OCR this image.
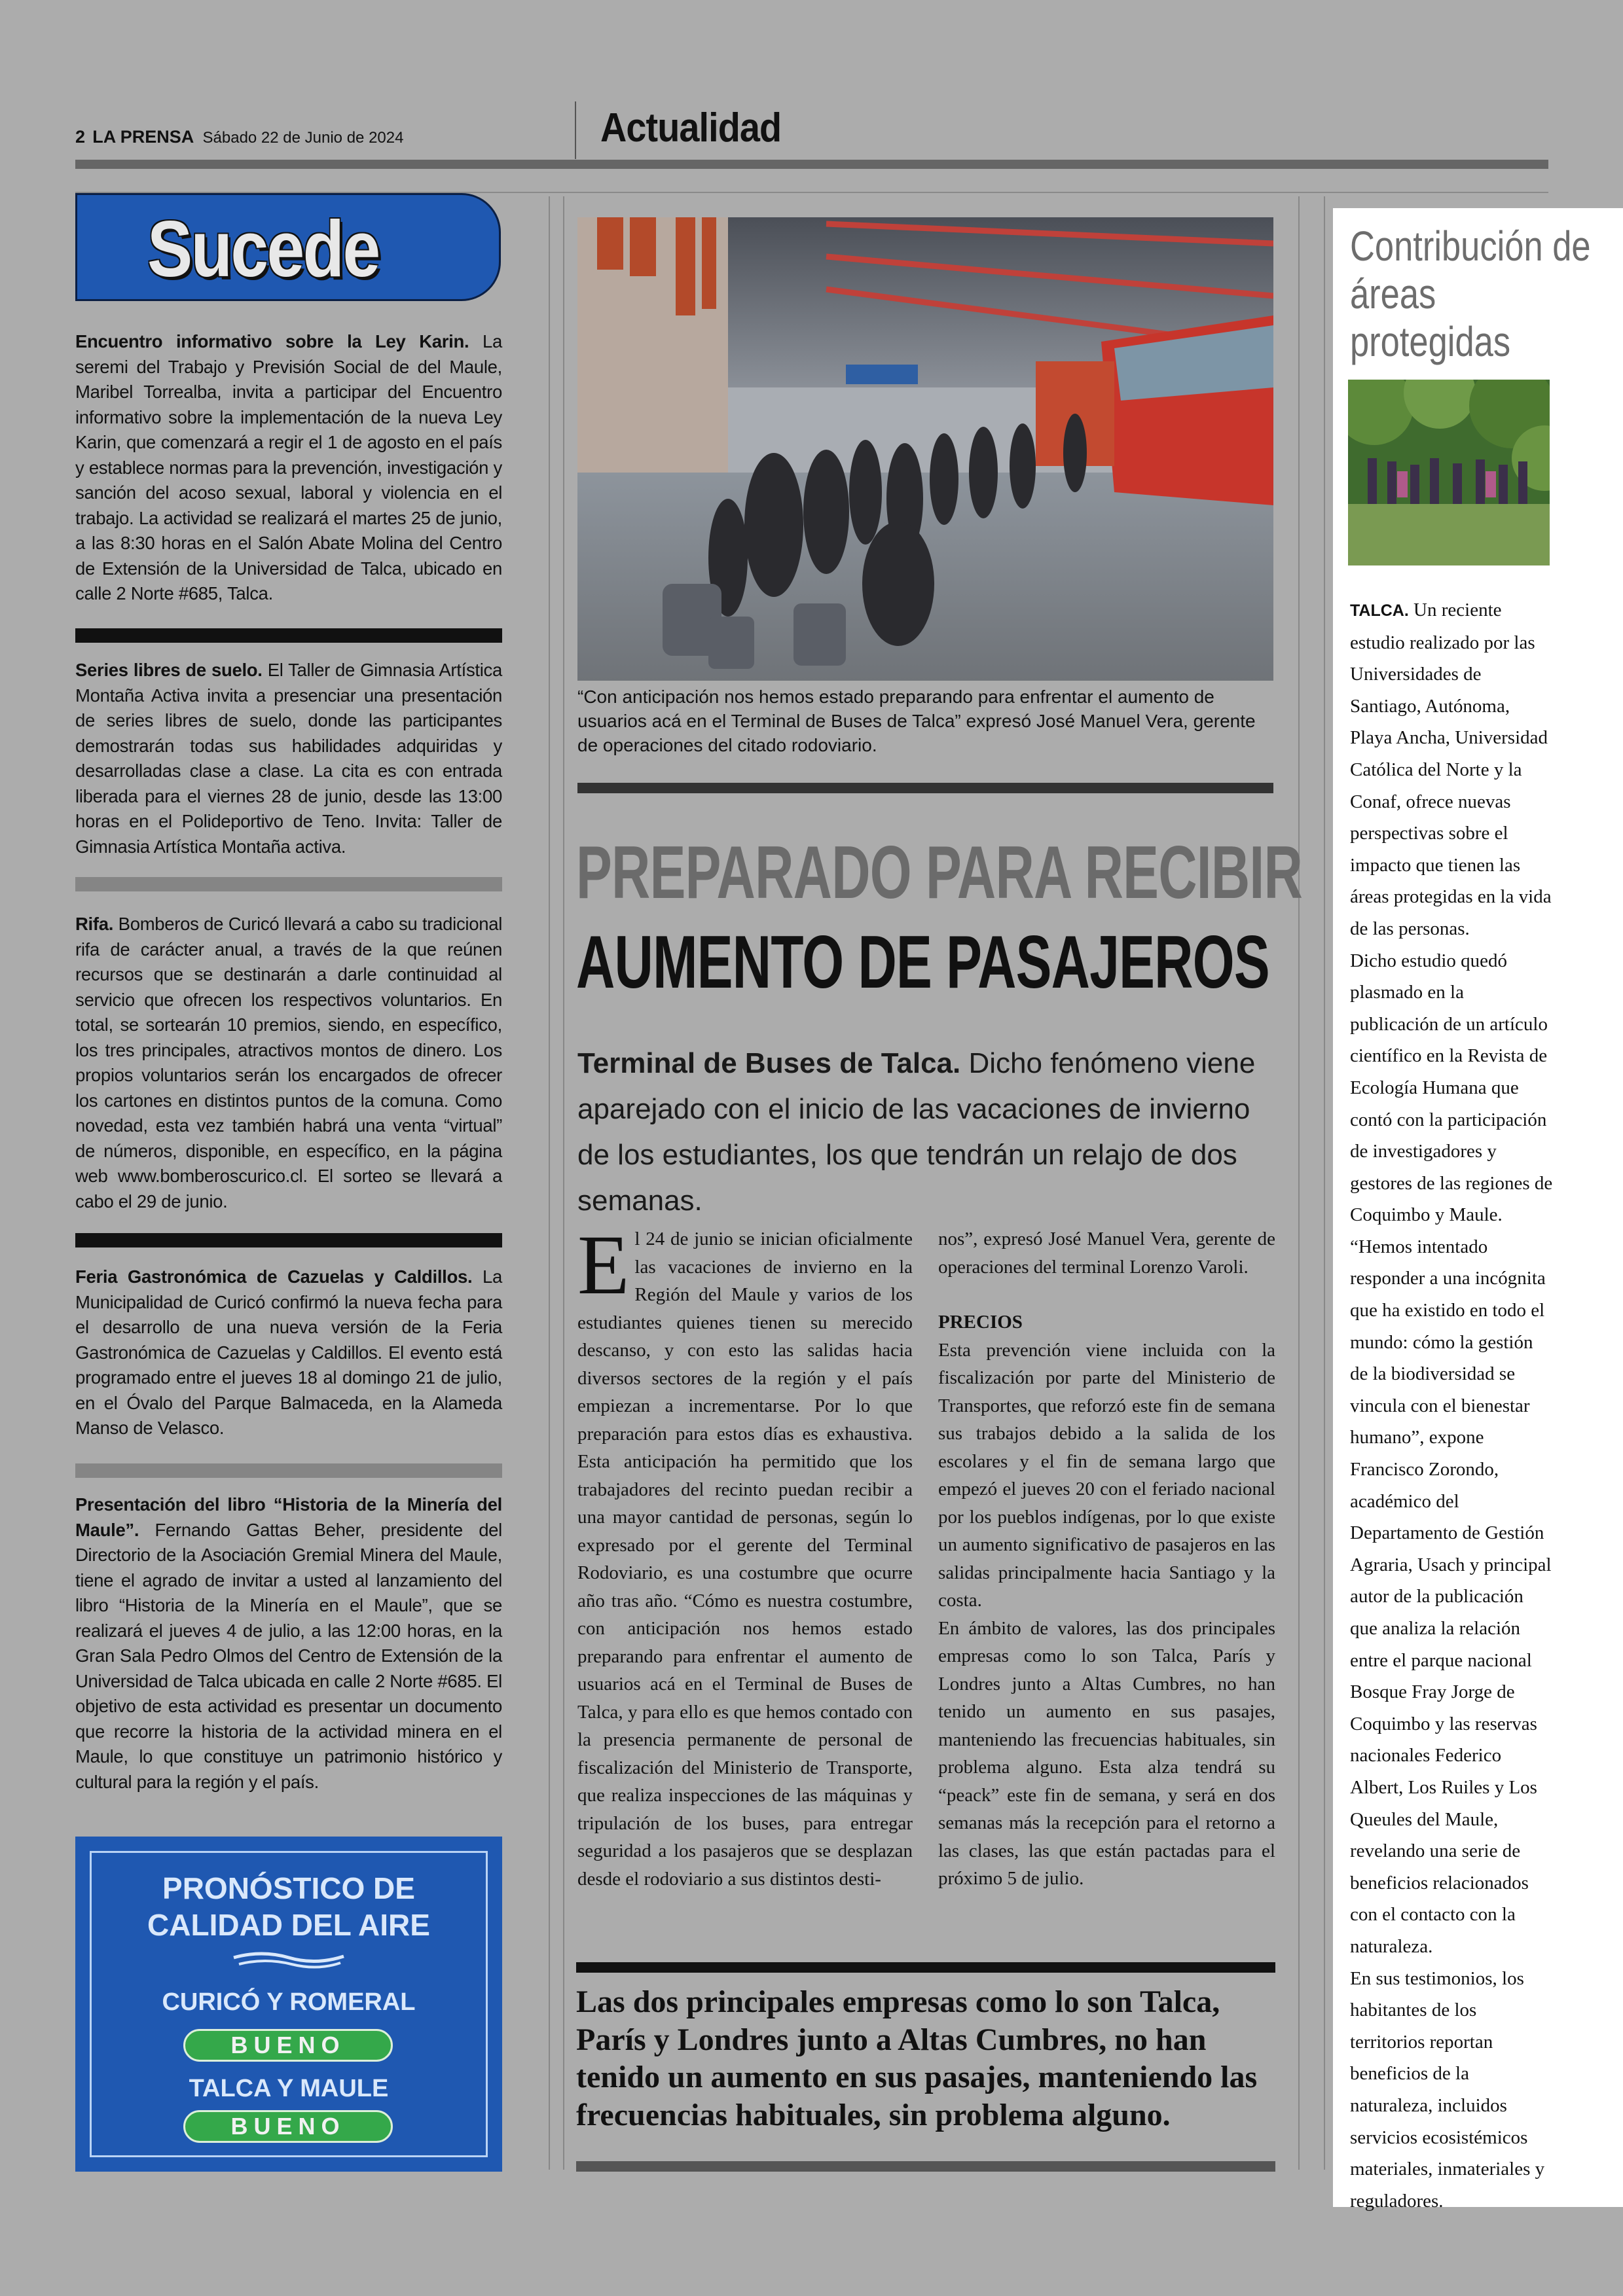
2 LA PRENSA Sábado 22 de Junio de 2024	Actualidad
Sucede
Encuentro informativo sobre la Ley Karin. La seremi del Trabajo y Previsión Social de del Maule, Maribel Torrealba, invita a participar del Encuentro informativo sobre la implementación de la nueva Ley Karin, que comenzará a regir el 1 de agosto en el país y establece normas para la prevención, investigación y sanción del acoso sexual, laboral y violencia en el trabajo. La actividad se realizará el martes 25 de junio, a las 8:30 horas en el Salón Abate Molina del Centro de Extensión de la Universidad de Talca, ubicado en calle 2 Norte #685, Talca.
Series libres de suelo. El Taller de Gimnasia Artística Montaña Activa invita a presenciar una presentación de series libres de suelo, donde las participantes demostrarán todas sus habilidades adquiridas y desarrolladas clase a clase. La cita es con entrada liberada para el viernes 28 de junio, desde las 13:00 horas en el Polideportivo de Teno. Invita: Taller de Gimnasia Artística Montaña activa.
Rifa. Bomberos de Curicó llevará a cabo su tradicional rifa de carácter anual, a través de la que reúnen recursos que se destinarán a darle continuidad al servicio que ofrecen los respectivos voluntarios. En total, se sortearán 10 premios, siendo, en específico, los tres principales, atractivos montos de dinero. Los propios voluntarios serán los encargados de ofrecer los cartones en distintos puntos de la comuna. Como novedad, esta vez también habrá una venta “virtual” de números, disponible, en específico, en la página web www.bomberoscurico.cl. El sorteo se llevará a cabo el 29 de junio.
Feria Gastronómica de Cazuelas y Caldillos. La Municipalidad de Curicó confirmó la nueva fecha para el desarrollo de una nueva versión de la Feria Gastronómica de Cazuelas y Caldillos. El evento está programado entre el jueves 18 al domingo 21 de julio, en el Óvalo del Parque Balmaceda, en la Alameda Manso de Velasco.
Presentación del libro “Historia de la Minería del Maule”. Fernando Gattas Beher, presidente del Directorio de la Asociación Gremial Minera del Maule, tiene el agrado de invitar a usted al lanzamiento del libro “Historia de la Minería en el Maule”, que se realizará el jueves 4 de julio, a las 12:00 horas, en la Gran Sala Pedro Olmos del Centro de Extensión de la Universidad de Talca ubicada en calle 2 Norte #685. El objetivo de esta actividad es presentar un documento que recorre la historia de la actividad minera en el Maule, lo que constituye un patrimonio histórico y cultural para la región y el país.
PRONÓSTICO DE
CALIDAD DEL AIRE
CURICÓ Y ROMERAL
BUENO
TALCA Y MAULE
BUENO
“Con anticipación nos hemos estado preparando para enfrentar el aumento de usuarios acá en el Terminal de Buses de Talca” expresó José Manuel Vera, gerente de operaciones del citado rodoviario.
PREPARADO PARA RECIBIR
AUMENTO DE PASAJEROS
Terminal de Buses de Talca. Dicho fenómeno viene aparejado con el inicio de las vacaciones de invierno de los estudiantes, los que tendrán un relajo de dos semanas.
El 24 de junio se inician oficialmente las vacaciones de invierno en la Región del Maule y varios de los estudiantes quienes tienen su merecido descanso, y con esto las salidas hacia diversos sectores de la región y el país empiezan a incrementarse. Por lo que preparación para estos días es exhaustiva. Esta anticipación ha permitido que los trabajadores del recinto puedan recibir a una mayor cantidad de personas, según lo expresado por el gerente del Terminal Rodoviario, es una costumbre que ocurre año tras año. “Cómo es nuestra costumbre, con anticipación nos hemos estado preparando para enfrentar el aumento de usuarios acá en el Terminal de Buses de Talca, y para ello es que hemos contado con la presencia permanente de personal de fiscalización del Ministerio de Transporte, que realiza inspecciones de las máquinas y tripulación de los buses, para entregar seguridad a los pasajeros que se desplazan desde el rodoviario a sus distintos desti-
nos”, expresó José Manuel Vera, gerente de operaciones del terminal Lorenzo Varoli.
PRECIOS
Esta prevención viene incluida con la fiscalización por parte del Ministerio de Transportes, que reforzó este fin de semana sus trabajos debido a la salida de los escolares y el fin de semana largo que empezó el jueves 20 con el feriado nacional por los pueblos indígenas, por lo que existe un aumento significativo de pasajeros en las salidas principalmente hacia Santiago y la costa.
En ámbito de valores, las dos principales empresas como lo son Talca, París y Londres junto a Altas Cumbres, no han tenido un aumento en sus pasajes, manteniendo las frecuencias habituales, sin problema alguno. Esta alza tendrá su “peack” este fin de semana, y será en dos semanas más la recepción para el retorno a las clases, las que están pactadas para el próximo 5 de julio.
Las dos principales empresas como lo son Talca, París y Londres junto a Altas Cumbres, no han tenido un aumento en sus pasajes, manteniendo las frecuencias habituales, sin problema alguno.
Contribución de áreas protegidas
TALCA. Un reciente estudio realizado por las Universidades de Santiago, Autónoma, Playa Ancha, Universidad Católica del Norte y la Conaf, ofrece nuevas perspectivas sobre el impacto que tienen las áreas protegidas en la vida de las personas.
Dicho estudio quedó plasmado en la publicación de un artículo científico en la Revista de Ecología Humana que contó con la participación de investigadores y gestores de las regiones de Coquimbo y Maule.
“Hemos intentado responder a una incógnita que ha existido en todo el mundo: cómo la gestión de la biodiversidad se vincula con el bienestar humano”, expone Francisco Zorondo, académico del Departamento de Gestión Agraria, Usach y principal autor de la publicación que analiza la relación entre el parque nacional Bosque Fray Jorge de Coquimbo y las reservas nacionales Federico Albert, Los Ruiles y Los Queules del Maule, revelando una serie de beneficios relacionados con el contacto con la naturaleza.
En sus testimonios, los habitantes de los territorios reportan beneficios de la naturaleza, incluidos servicios ecosistémicos materiales, inmateriales y reguladores.
